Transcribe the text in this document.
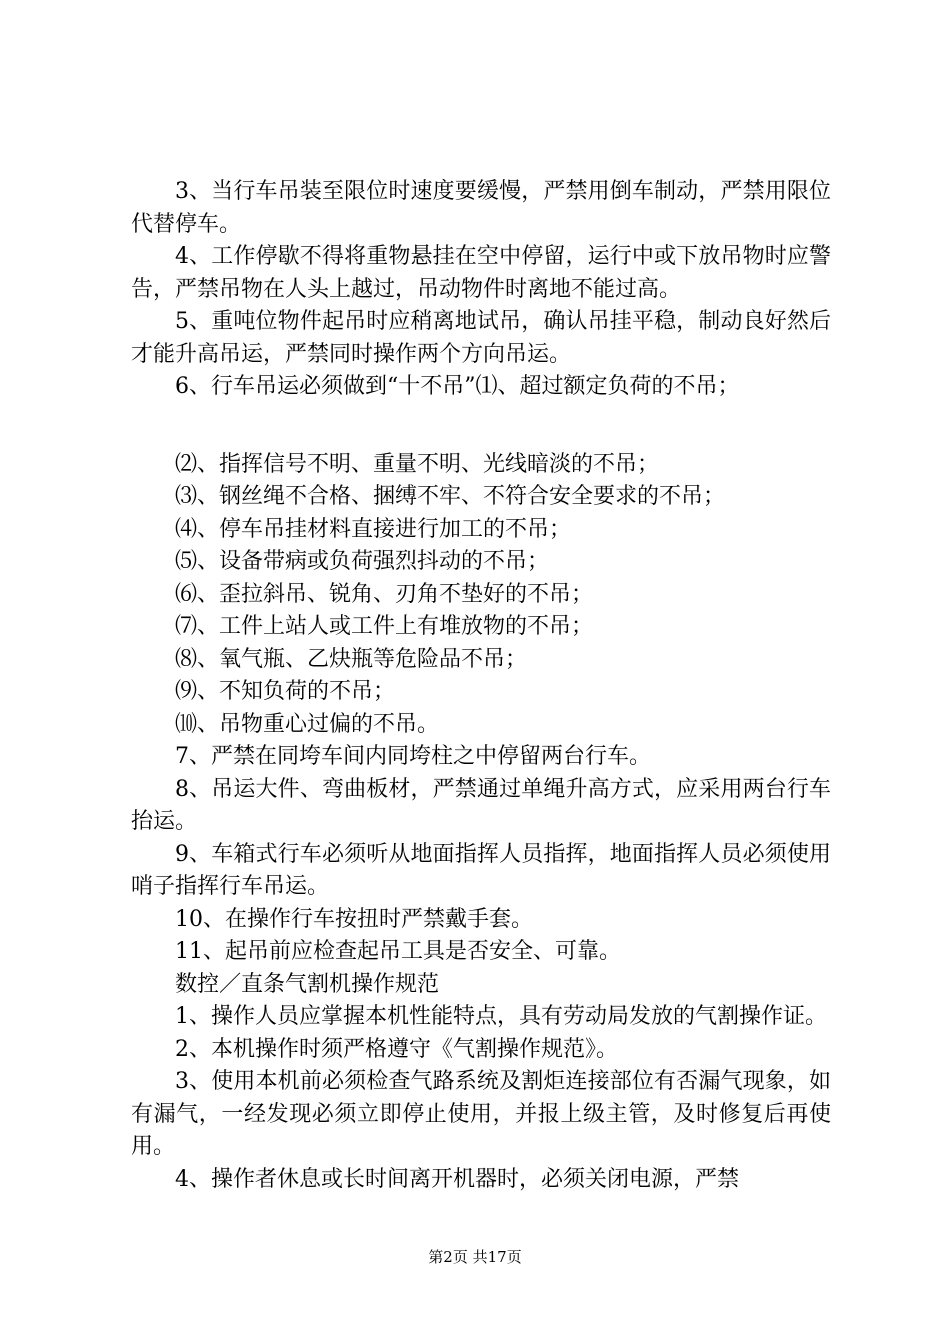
3、当行车吊装至限位时速度要缓慢，严禁用倒车制动，严禁用限位代替停车。

4、工作停歇不得将重物悬挂在空中停留，运行中或下放吊物时应警告，严禁吊物在人头上越过，吊动物件时离地不能过高。

5、重吨位物件起吊时应稍离地试吊，确认吊挂平稳，制动良好然后才能升高吊运，严禁同时操作两个方向吊运。

6、行车吊运必须做到“十不吊”⑴、超过额定负荷的不吊；

⑵、指挥信号不明、重量不明、光线暗淡的不吊；

⑶、钢丝绳不合格、捆缚不牢、不符合安全要求的不吊；

⑷、停车吊挂材料直接进行加工的不吊；

⑸、设备带病或负荷强烈抖动的不吊；

⑹、歪拉斜吊、锐角、刃角不垫好的不吊；

⑺、工件上站人或工件上有堆放物的不吊；

⑻、氧气瓶、乙炔瓶等危险品不吊；

⑼、不知负荷的不吊；

⑽、吊物重心过偏的不吊。

7、严禁在同垮车间内同垮柱之中停留两台行车。

8、吊运大件、弯曲板材，严禁通过单绳升高方式，应采用两台行车抬运。

9、车箱式行车必须听从地面指挥人员指挥，地面指挥人员必须使用哨子指挥行车吊运。

10、在操作行车按扭时严禁戴手套。

11、起吊前应检查起吊工具是否安全、可靠。

数控／直条气割机操作规范

1、操作人员应掌握本机性能特点，具有劳动局发放的气割操作证。

2、本机操作时须严格遵守《气割操作规范》。

3、使用本机前必须检查气路系统及割炬连接部位有否漏气现象，如有漏气，一经发现必须立即停止使用，并报上级主管，及时修复后再使用。

4、操作者休息或长时间离开机器时，必须关闭电源，严禁

第2页 共17页
